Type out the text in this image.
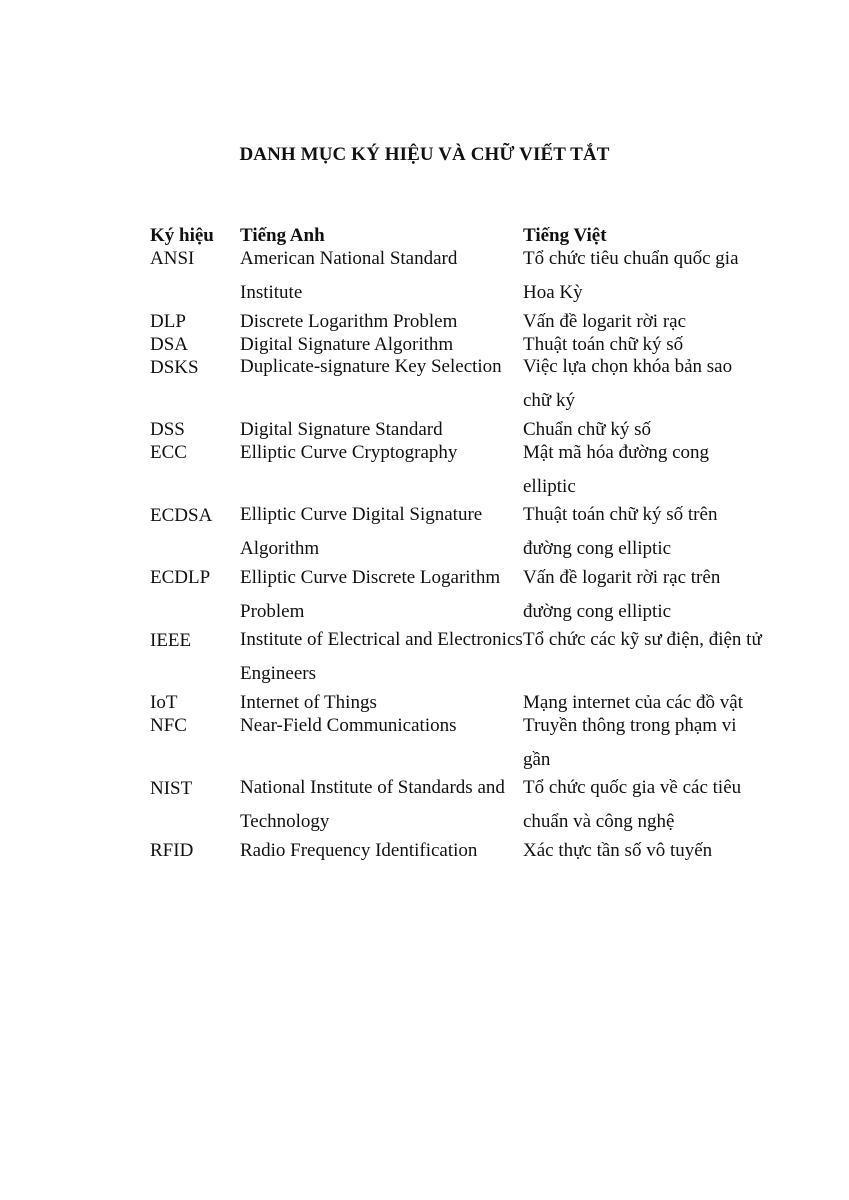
DANH MỤC KÝ HIỆU VÀ CHỮ VIẾT TẮT
Ký hiệu	Tiếng Anh	Tiếng Việt

ANSI	American National Standard Institute	Tổ chức tiêu chuẩn quốc gia Hoa Kỳ

DLP	Discrete Logarithm Problem	Vấn đề logarit rời rạc

DSA	Digital Signature Algorithm	Thuật toán chữ ký số

DSKS	Duplicate-signature Key Selection	Việc lựa chọn khóa bản sao chữ ký

DSS	Digital Signature Standard	Chuẩn chữ ký số

ECC	Elliptic Curve Cryptography	Mật mã hóa đường cong elliptic

ECDSA	Elliptic Curve Digital Signature Algorithm	Thuật toán chữ ký số trên đường cong elliptic

ECDLP	Elliptic Curve Discrete Logarithm Problem	Vấn đề logarit rời rạc trên đường cong elliptic

IEEE	Institute of Electrical and Electronics Engineers	Tổ chức các kỹ sư điện, điện tử

IoT	Internet of Things	Mạng internet của các đồ vật

NFC	Near-Field Communications	Truyền thông trong phạm vi gần

NIST	National Institute of Standards and Technology	Tổ chức quốc gia về các tiêu chuẩn và công nghệ

RFID	Radio Frequency Identification	Xác thực tần số vô tuyến
